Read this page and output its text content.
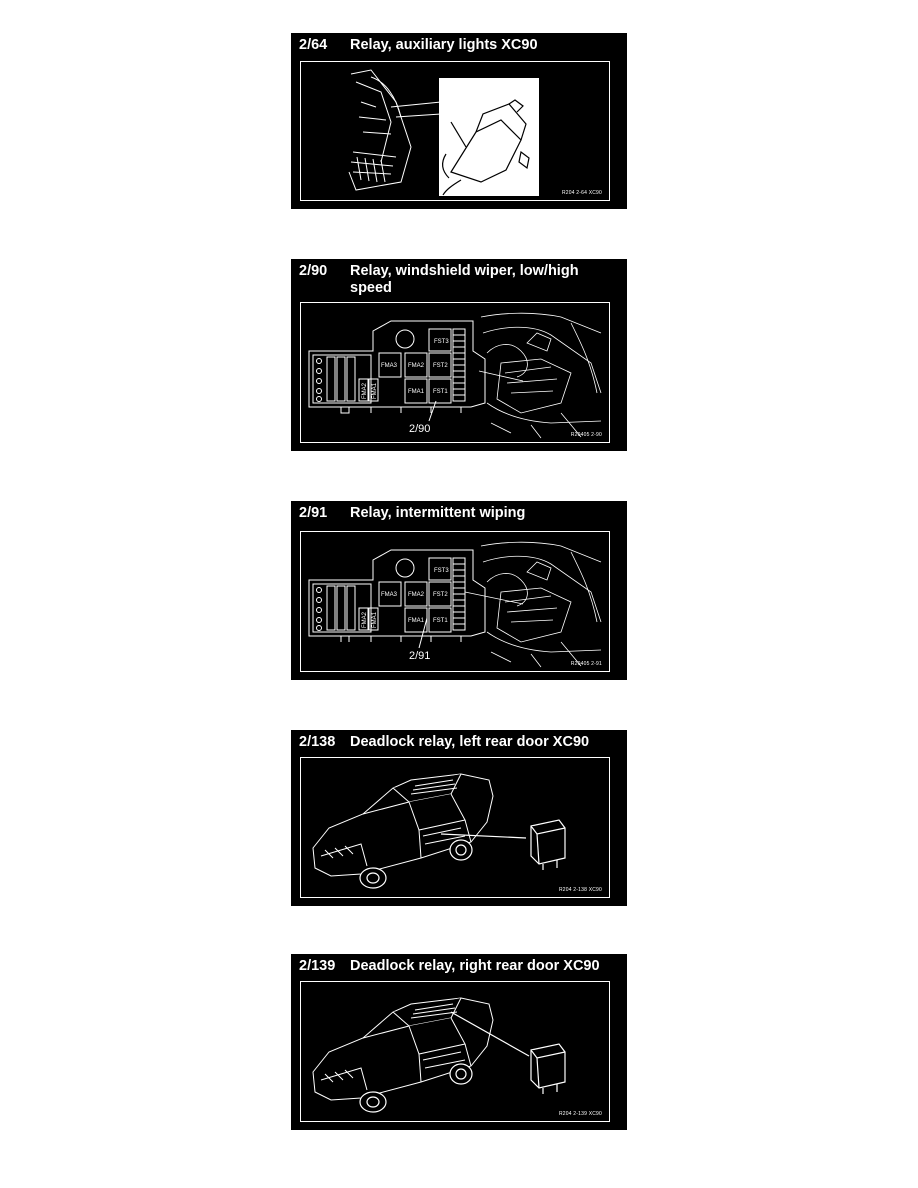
2/64 Relay, auxiliary lights XC90
R204 2-64 XC90
2/90 Relay, windshield wiper, low/high speed
FST3
FMA3 FMA2 FST2
FMA1 FST1
FMA2 FMA1
2/90	R20405 2-90
2/91 Relay, intermittent wiping
FST3
FMA3 FMA2 FST2
FMA1 FST1
FMA2 FMA1
2/91
R20405 2-91
2/138 Deadlock relay, left rear door XC90
R204 2-138 XC90
2/139 Deadlock relay, right rear door XC90
R204 2-139 XC90
